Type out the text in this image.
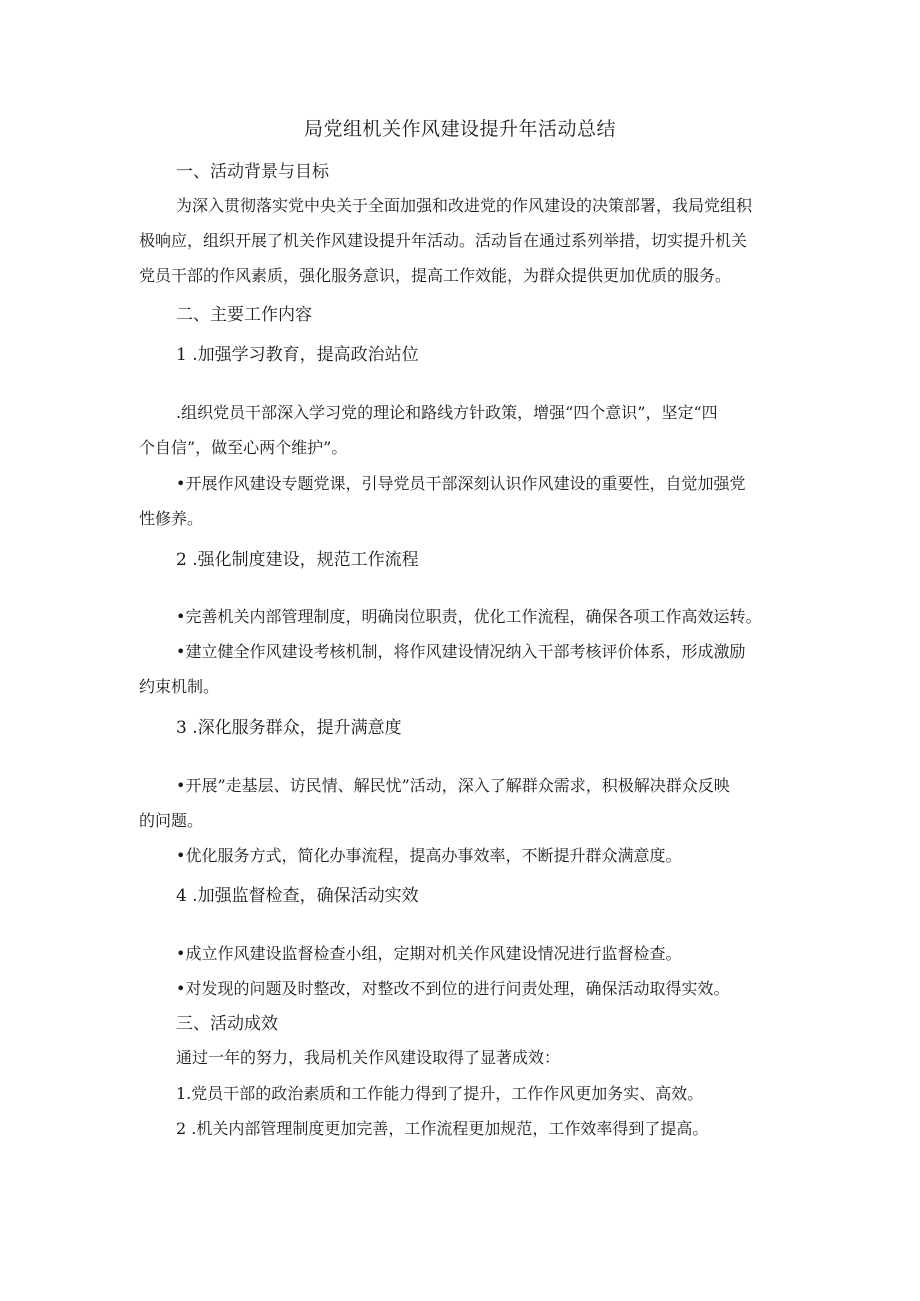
局党组机关作风建设提升年活动总结
一、活动背景与目标
为深入贯彻落实党中央关于全面加强和改进党的作风建设的决策部署，我局党组积
极响应，组织开展了机关作风建设提升年活动。活动旨在通过系列举措，切实提升机关
党员干部的作风素质，强化服务意识，提高工作效能，为群众提供更加优质的服务。
二、主要工作内容
1 .加强学习教育，提高政治站位
.组织党员干部深入学习党的理论和路线方针政策，增强“四个意识”，坚定“四
个自信”，做至心两个维护”。
•开展作风建设专题党课，引导党员干部深刻认识作风建设的重要性，自觉加强党
性修养。
2 .强化制度建设，规范工作流程
•完善机关内部管理制度，明确岗位职责，优化工作流程，确保各项工作高效运转。
•建立健全作风建设考核机制，将作风建设情况纳入干部考核评价体系，形成激励
约束机制。
3 .深化服务群众，提升满意度
•开展”走基层、访民情、解民忧”活动，深入了解群众需求，积极解决群众反映
的问题。
•优化服务方式，简化办事流程，提高办事效率，不断提升群众满意度。
4 .加强监督检查，确保活动实效
•成立作风建设监督检查小组，定期对机关作风建设情况进行监督检查。
•对发现的问题及时整改，对整改不到位的进行问责处理，确保活动取得实效。
三、活动成效
通过一年的努力，我局机关作风建设取得了显著成效：
1.党员干部的政治素质和工作能力得到了提升，工作作风更加务实、高效。
2 .机关内部管理制度更加完善，工作流程更加规范，工作效率得到了提高。
